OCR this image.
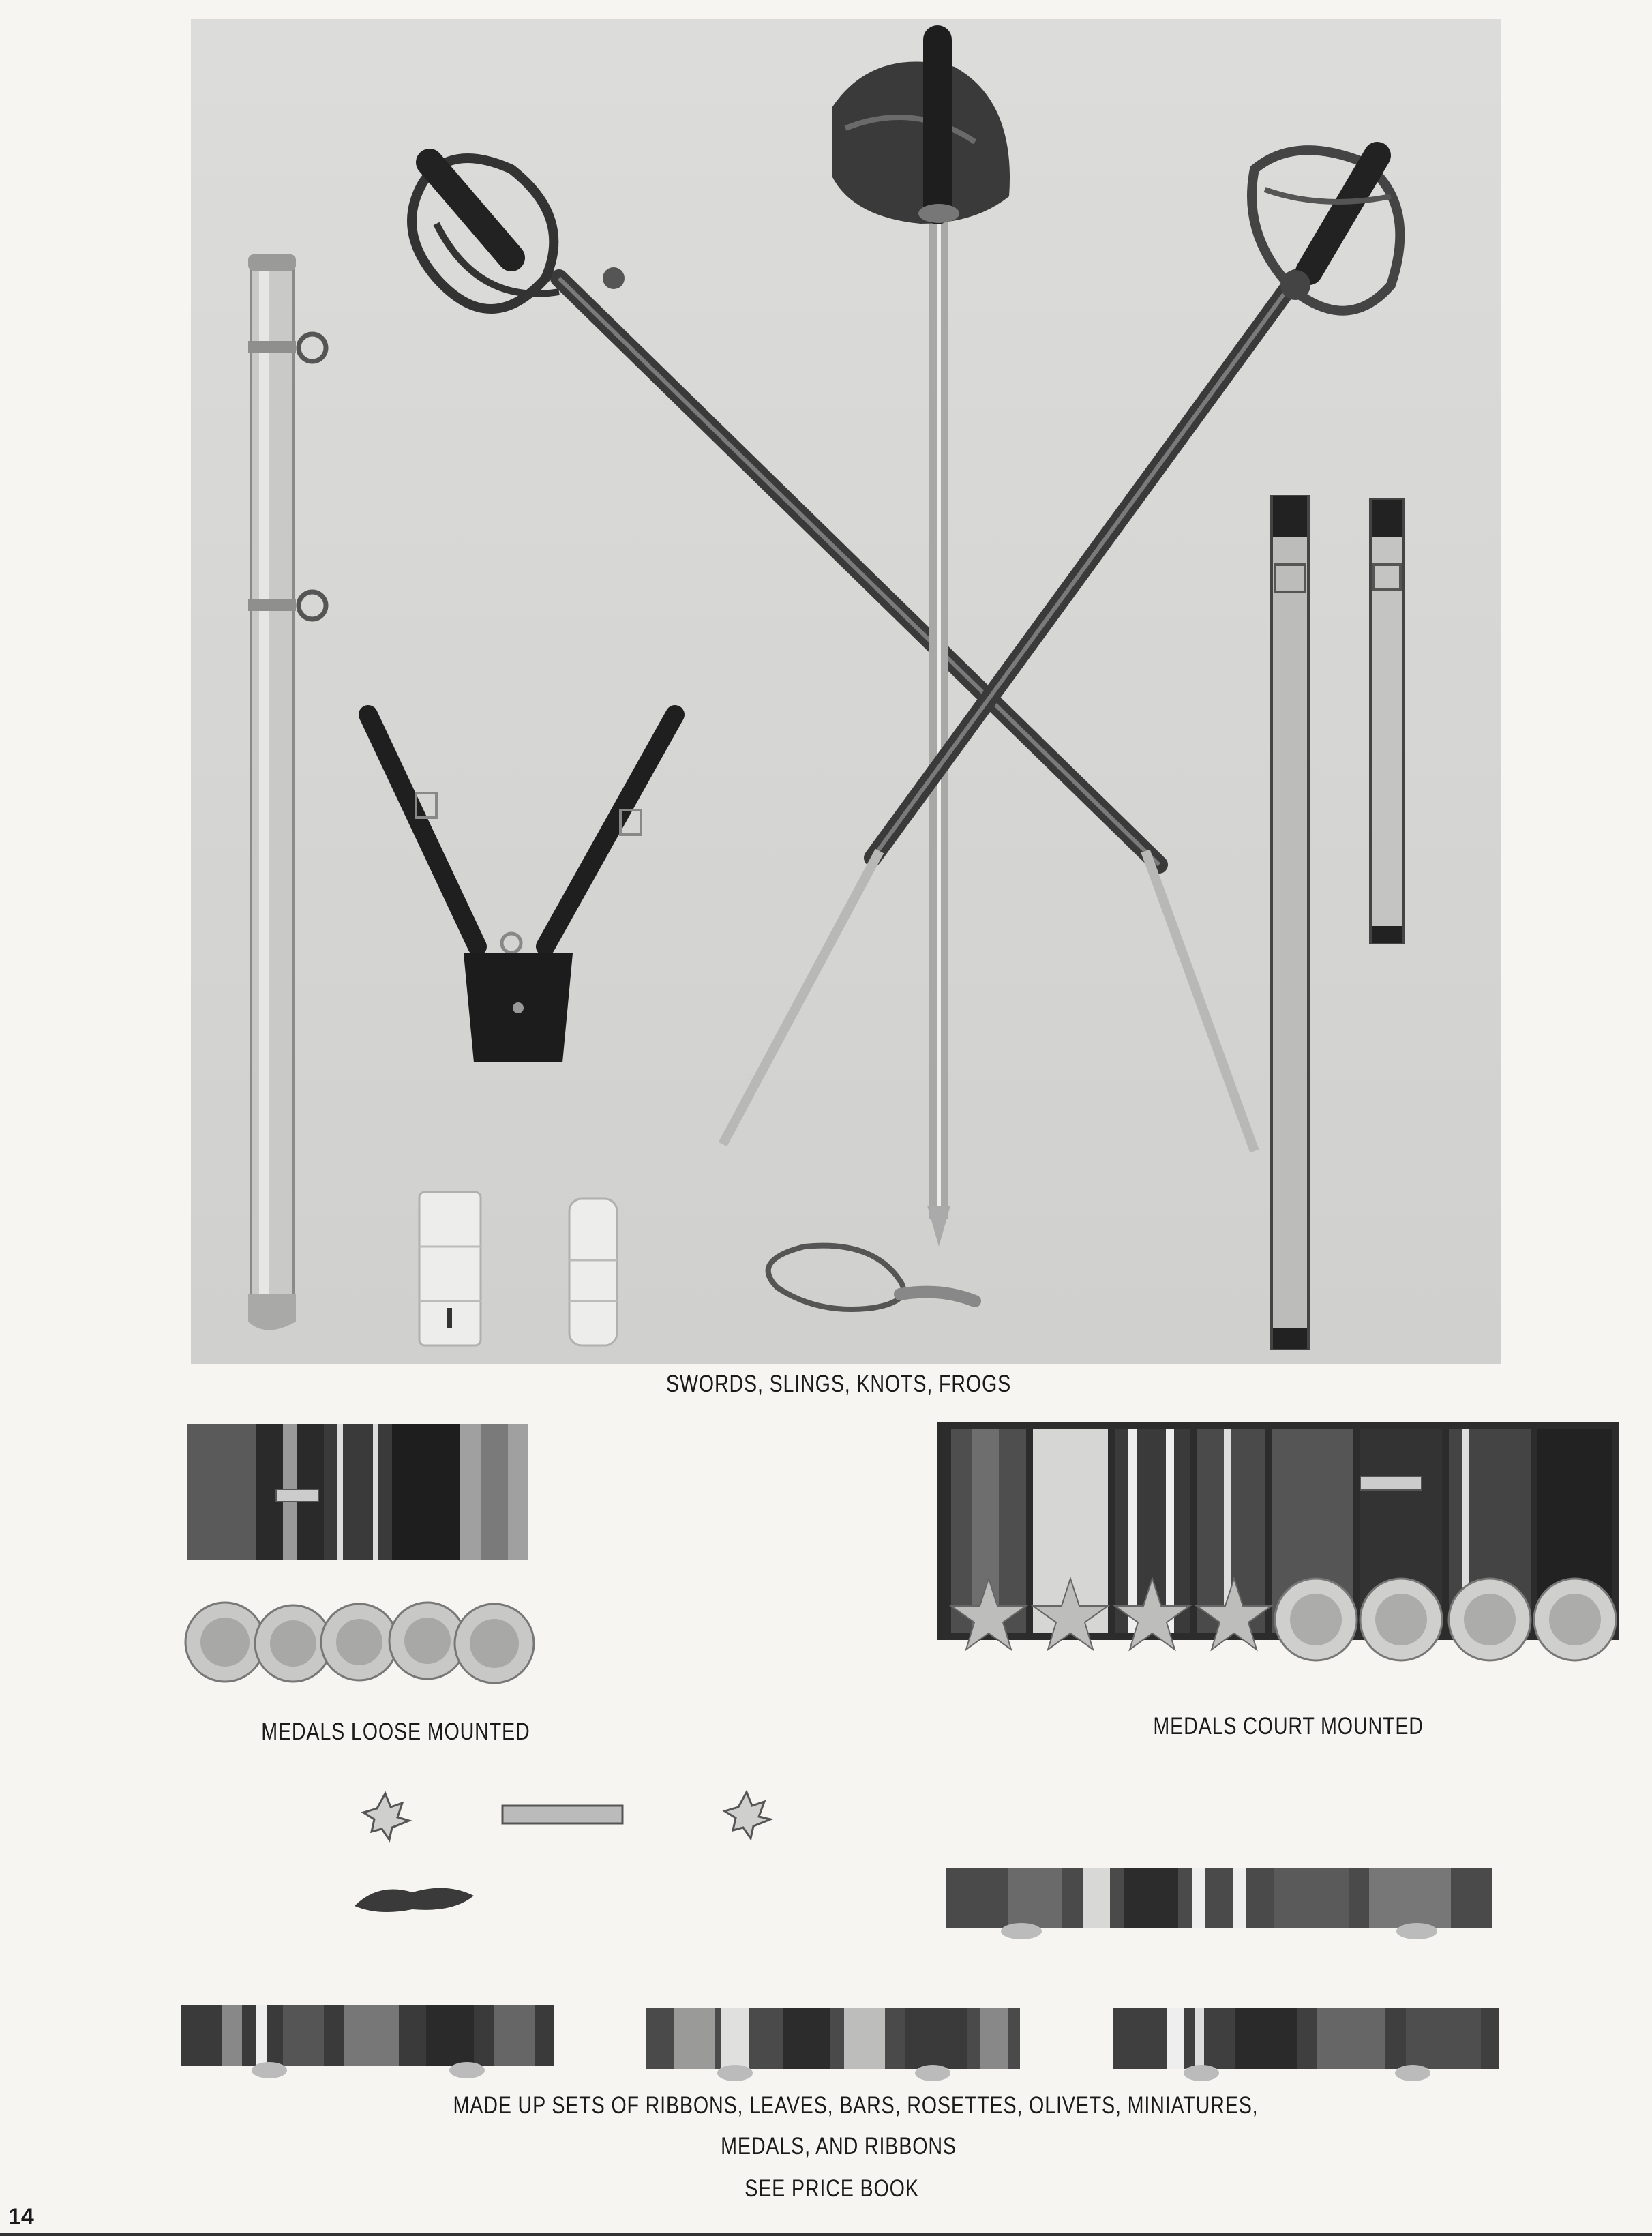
SWORDS, SLINGS, KNOTS, FROGS
MEDALS LOOSE MOUNTED	MEDALS COURT MOUNTED
MADE UP SETS OF RIBBONS, LEAVES, BARS, ROSETTES, OLIVETS, MINIATURES,
MEDALS, AND RIBBONS
SEE PRICE BOOK
14
